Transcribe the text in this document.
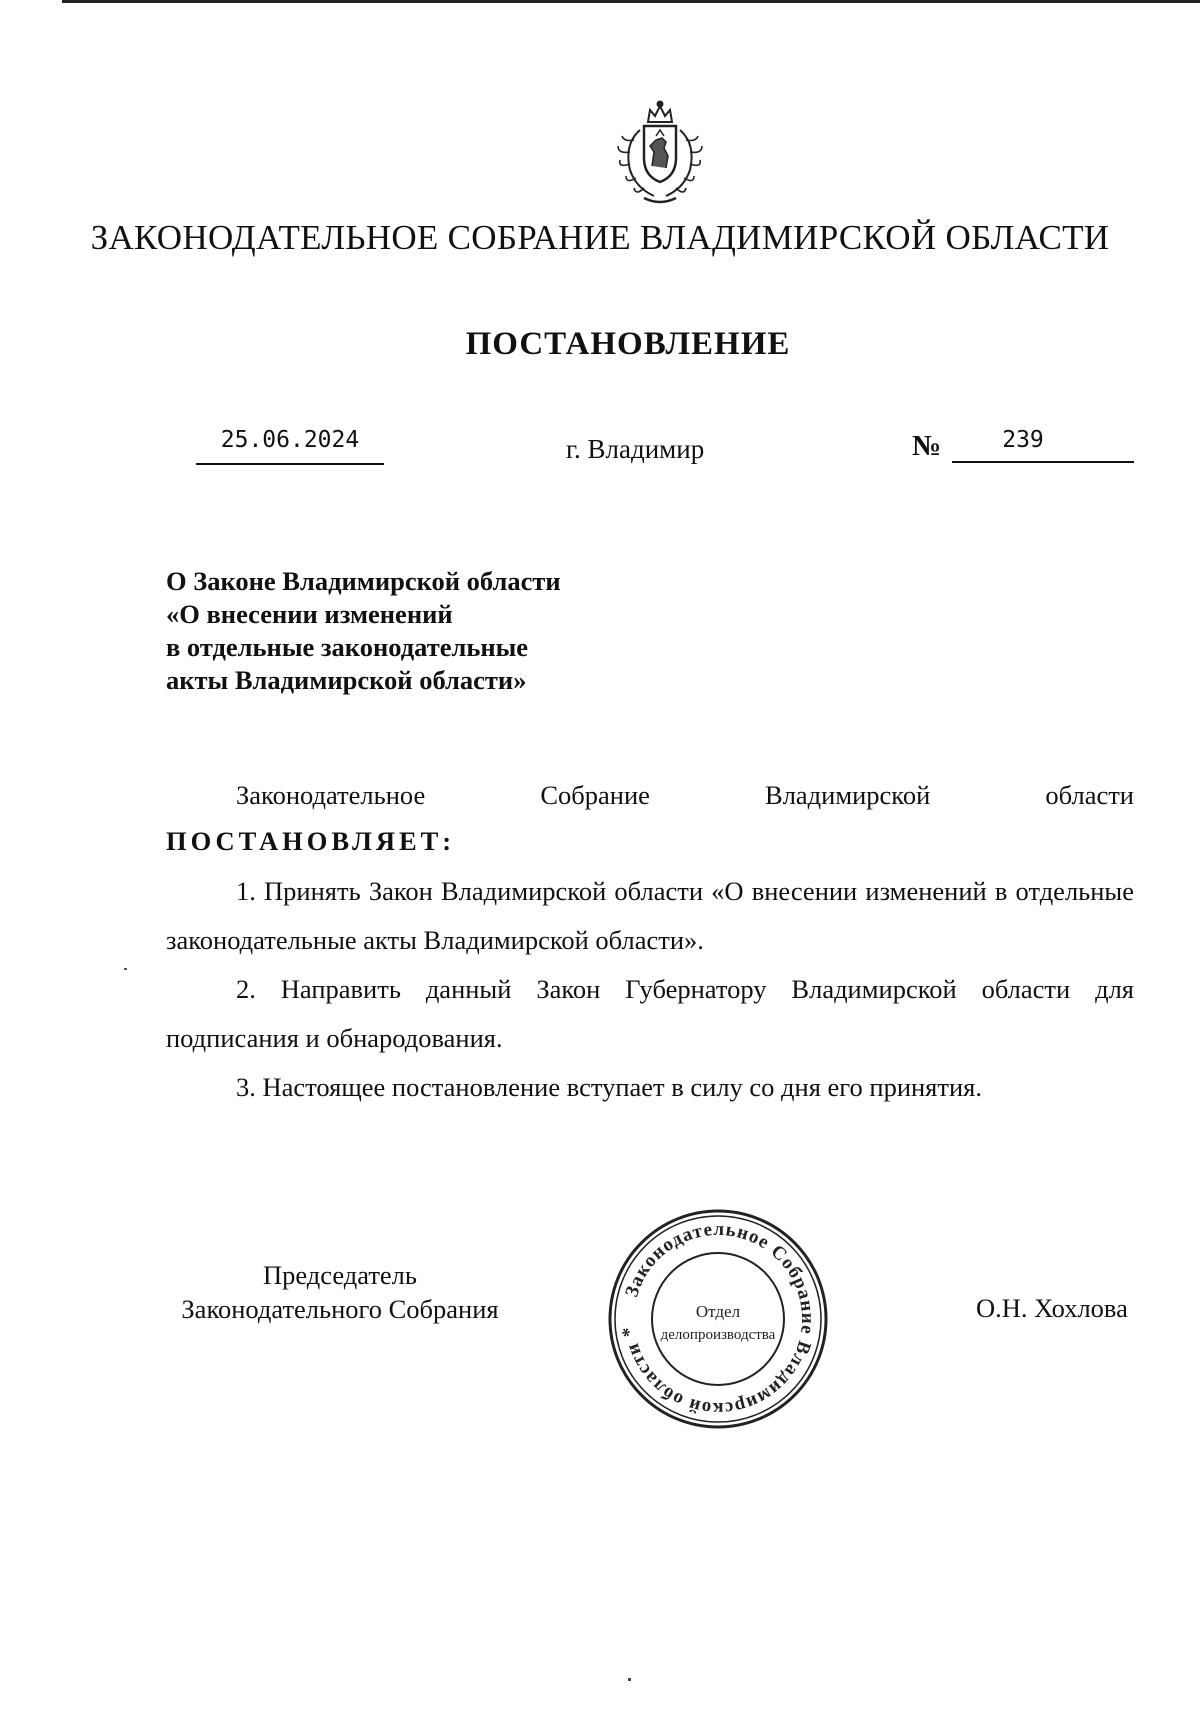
ЗАКОНОДАТЕЛЬНОЕ СОБРАНИЕ ВЛАДИМИРСКОЙ ОБЛАСТИ
ПОСТАНОВЛЕНИЕ
25.06.2024	г. Владимир	№	239
О Законе Владимирской области
«О внесении изменений
в отдельные законодательные
акты Владимирской области»
Законодательное	Собрание	Владимирской	области
ПОСТАНОВЛЯЕТ:

1. Принять Закон Владимирской области «О внесении изменений в отдельные законодательные акты Владимирской области».

2. Направить данный Закон Губернатору Владимирской области для подписания и обнародования.

3. Настоящее постановление вступает в силу со дня его принятия.

Председатель
Законодательного Собрания
Законодательное Собрание Владимирской области *
Отдел
делопроизводства
О.Н. Хохлова
